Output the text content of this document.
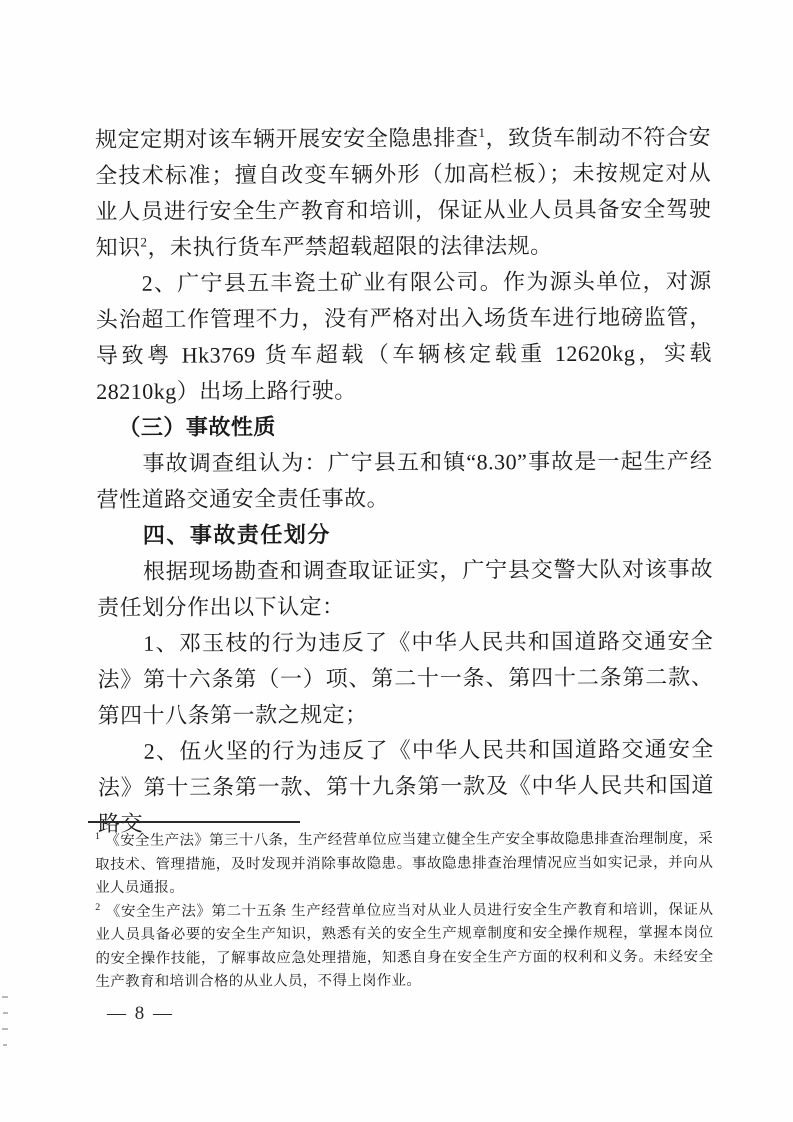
规定定期对该车辆开展安安全隐患排查$^1$，致货车制动不符合安全技术标准；擅自改变车辆外形（加高栏板）；未按规定对从业人员进行安全生产教育和培训，保证从业人员具备安全驾驶知识$^2$，未执行货车严禁超载超限的法律法规。

2、广宁县五丰瓷土矿业有限公司。作为源头单位，对源头治超工作管理不力，没有严格对出入场货车进行地磅监管，导致粤 Hk3769 货车超载（车辆核定载重 12620kg，实载 28210kg）出场上路行驶。

（三）事故性质

事故调查组认为：广宁县五和镇“8.30”事故是一起生产经营性道路交通安全责任事故。

四、事故责任划分

根据现场勘查和调查取证证实，广宁县交警大队对该事故责任划分作出以下认定：

1、邓玉枝的行为违反了《中华人民共和国道路交通安全法》第十六条第（一）项、第二十一条、第四十二条第二款、第四十八条第一款之规定；

2、伍火坚的行为违反了《中华人民共和国道路交通安全法》第十三条第一款、第十九条第一款及《中华人民共和国道路交

$^1$ 《安全生产法》第三十八条，生产经营单位应当建立健全生产安全事故隐患排查治理制度，采取技术、管理措施，及时发现并消除事故隐患。事故隐患排查治理情况应当如实记录，并向从业人员通报。

$^2$ 《安全生产法》第二十五条 生产经营单位应当对从业人员进行安全生产教育和培训，保证从业人员具备必要的安全生产知识，熟悉有关的安全生产规章制度和安全操作规程，掌握本岗位的安全操作技能，了解事故应急处理措施，知悉自身在安全生产方面的权利和义务。未经安全生产教育和培训合格的从业人员，不得上岗作业。

— 8 —
